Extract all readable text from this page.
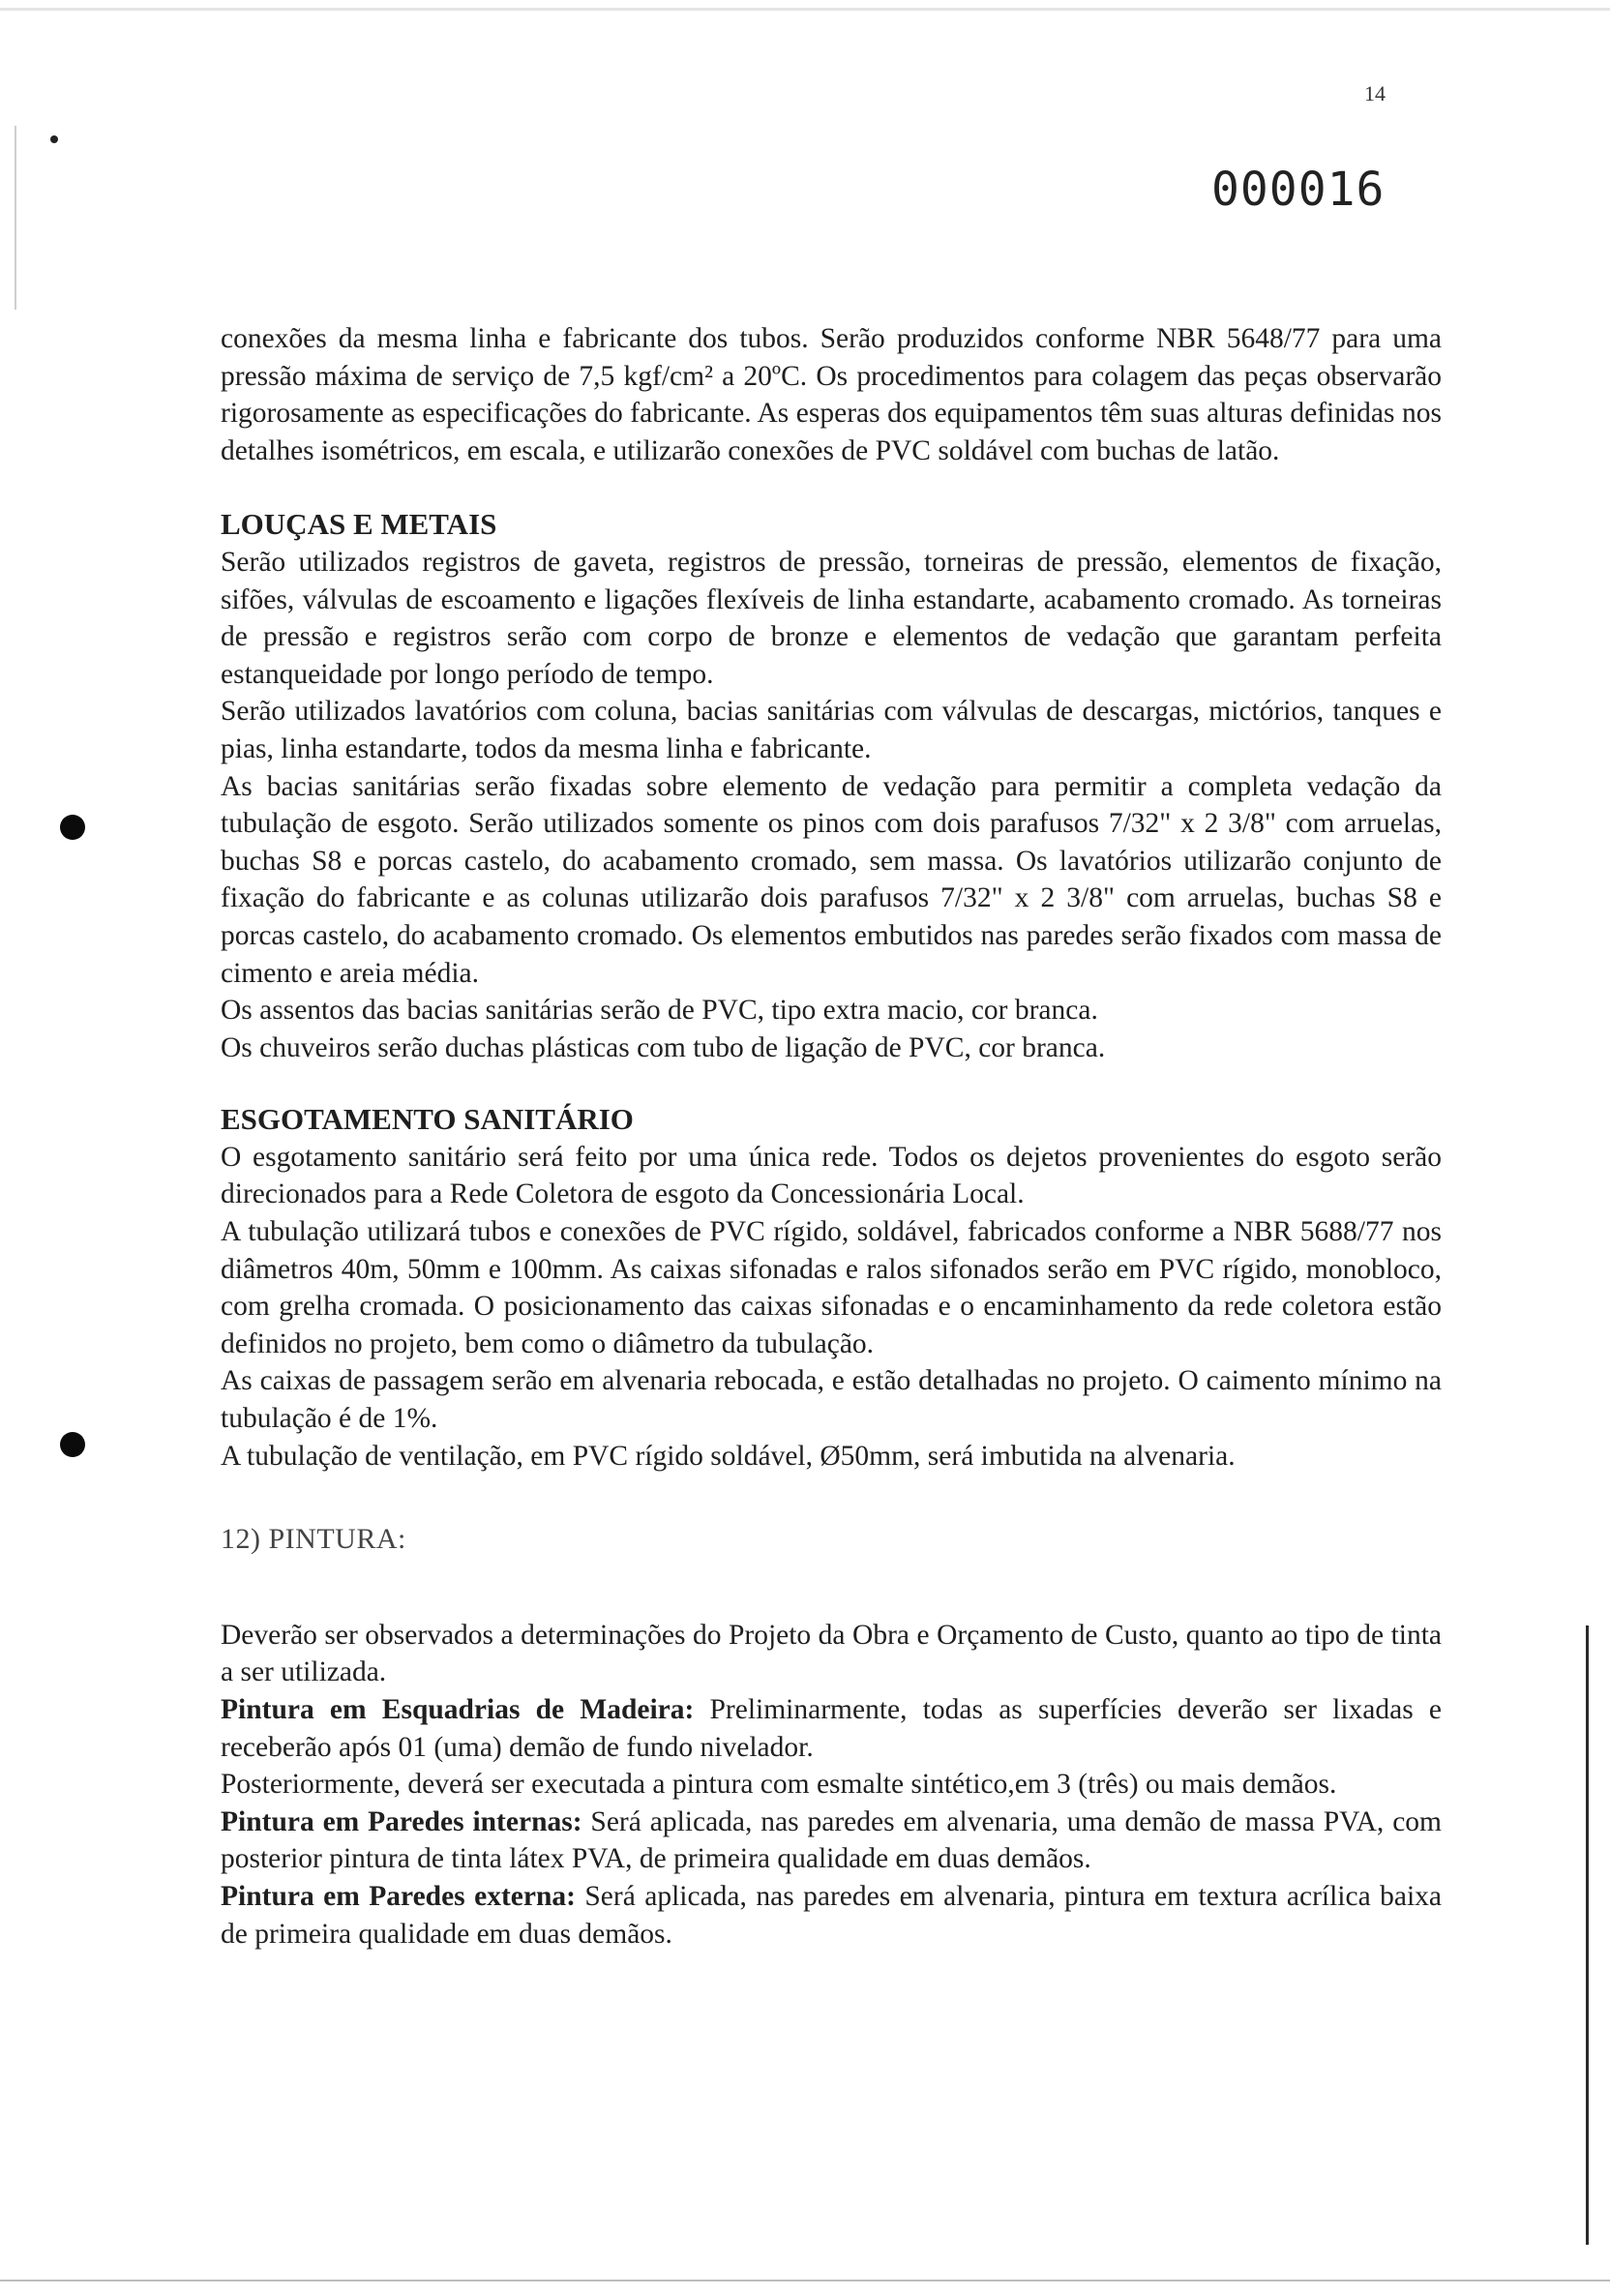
14
000016

conexões da mesma linha e fabricante dos tubos. Serão produzidos conforme NBR 5648/77 para uma pressão máxima de serviço de 7,5 kgf/cm² a 20ºC. Os procedimentos para colagem das peças observarão rigorosamente as especificações do fabricante. As esperas dos equipamentos têm suas alturas definidas nos detalhes isométricos, em escala, e utilizarão conexões de PVC soldável com buchas de latão.

LOUÇAS E METAIS

Serão utilizados registros de gaveta, registros de pressão, torneiras de pressão, elementos de fixação, sifões, válvulas de escoamento e ligações flexíveis de linha estandarte, acabamento cromado. As torneiras de pressão e registros serão com corpo de bronze e elementos de vedação que garantam perfeita estanqueidade por longo período de tempo.

Serão utilizados lavatórios com coluna, bacias sanitárias com válvulas de descargas, mictórios, tanques e pias, linha estandarte, todos da mesma linha e fabricante.

As bacias sanitárias serão fixadas sobre elemento de vedação para permitir a completa vedação da tubulação de esgoto. Serão utilizados somente os pinos com dois parafusos 7/32" x 2 3/8" com arruelas, buchas S8 e porcas castelo, do acabamento cromado, sem massa. Os lavatórios utilizarão conjunto de fixação do fabricante e as colunas utilizarão dois parafusos 7/32" x 2 3/8" com arruelas, buchas S8 e porcas castelo, do acabamento cromado. Os elementos embutidos nas paredes serão fixados com massa de cimento e areia média.

Os assentos das bacias sanitárias serão de PVC, tipo extra macio, cor branca.

Os chuveiros serão duchas plásticas com tubo de ligação de PVC, cor branca.

ESGOTAMENTO SANITÁRIO

O esgotamento sanitário será feito por uma única rede. Todos os dejetos provenientes do esgoto serão direcionados para a Rede Coletora de esgoto da Concessionária Local.

A tubulação utilizará tubos e conexões de PVC rígido, soldável, fabricados conforme a NBR 5688/77 nos diâmetros 40m, 50mm e 100mm. As caixas sifonadas e ralos sifonados serão em PVC rígido, monobloco, com grelha cromada. O posicionamento das caixas sifonadas e o encaminhamento da rede coletora estão definidos no projeto, bem como o diâmetro da tubulação.

As caixas de passagem serão em alvenaria rebocada, e estão detalhadas no projeto. O caimento mínimo na tubulação é de 1%.

A tubulação de ventilação, em PVC rígido soldável, Ø50mm, será imbutida na alvenaria.

12) PINTURA:

Deverão ser observados a determinações do Projeto da Obra e Orçamento de Custo, quanto ao tipo de tinta a ser utilizada.

Pintura em Esquadrias de Madeira: Preliminarmente, todas as superfícies deverão ser lixadas e receberão após 01 (uma) demão de fundo nivelador.

Posteriormente, deverá ser executada a pintura com esmalte sintético,em 3 (três) ou mais demãos.

Pintura em Paredes internas: Será aplicada, nas paredes em alvenaria, uma demão de massa PVA, com posterior pintura de tinta látex PVA, de primeira qualidade em duas demãos.

Pintura em Paredes externa: Será aplicada, nas paredes em alvenaria, pintura em textura acrílica baixa de primeira qualidade em duas demãos.
